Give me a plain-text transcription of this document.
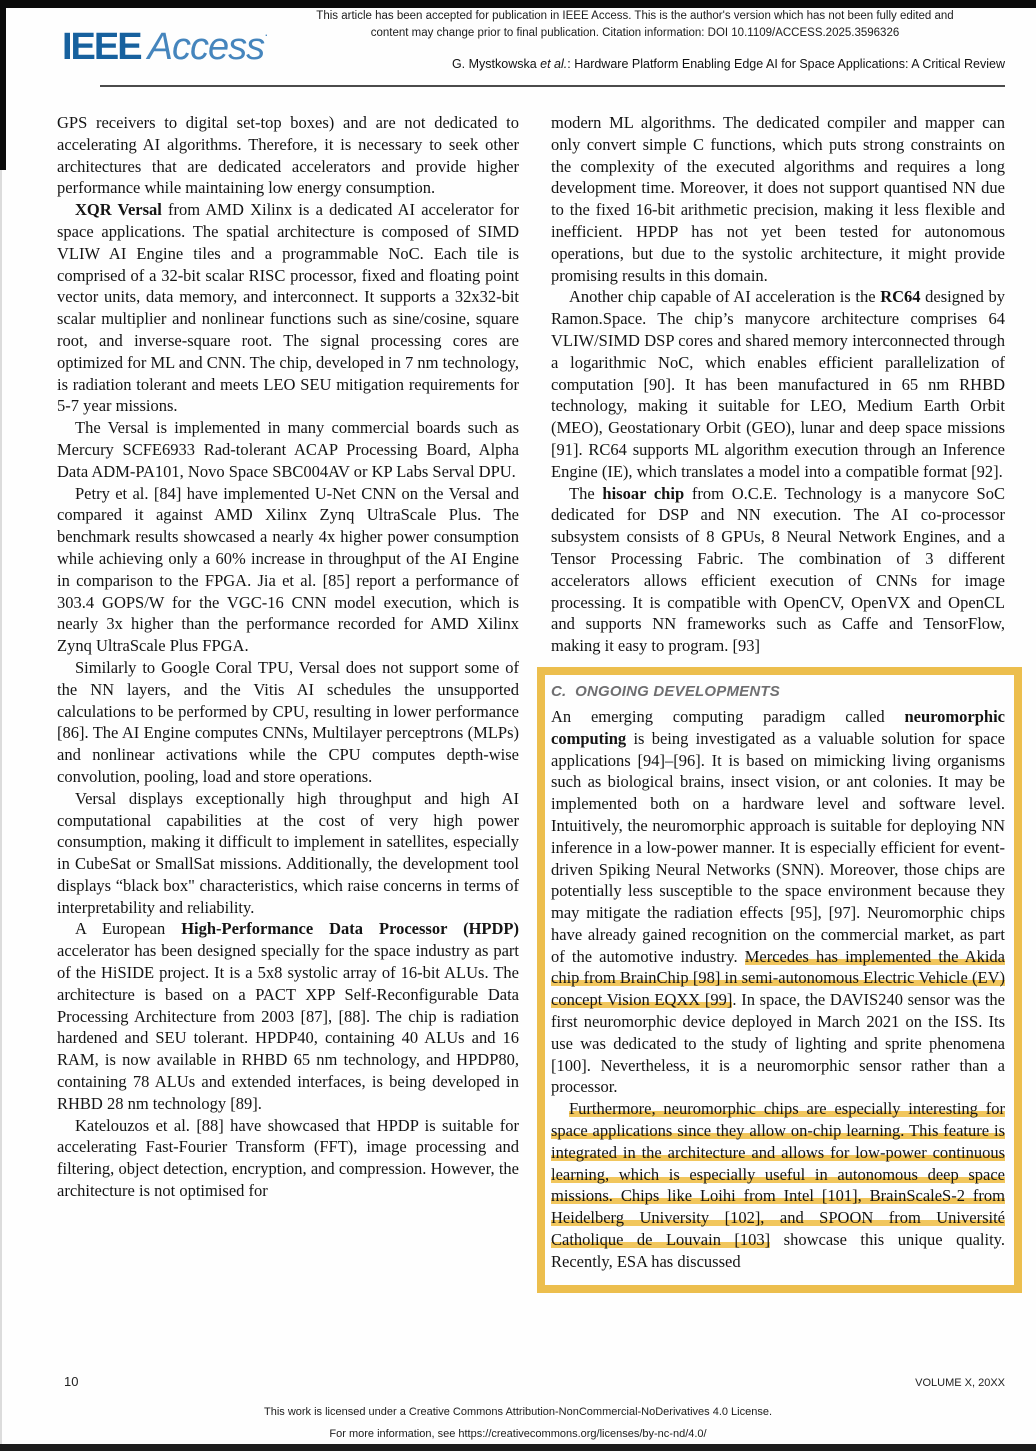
This article has been accepted for publication in IEEE Access. This is the author's version which has not been fully edited and
content may change prior to final publication. Citation information: DOI 10.1109/ACCESS.2025.3596326
IEEE Access·
G. Mystkowska et al.: Hardware Platform Enabling Edge AI for Space Applications: A Critical Review

GPS receivers to digital set-top boxes) and are not dedicated to accelerating AI algorithms. Therefore, it is necessary to seek other architectures that are dedicated accelerators and provide higher performance while maintaining low energy consumption.

XQR Versal from AMD Xilinx is a dedicated AI accelerator for space applications. The spatial architecture is composed of SIMD VLIW AI Engine tiles and a programmable NoC. Each tile is comprised of a 32-bit scalar RISC processor, fixed and floating point vector units, data memory, and interconnect. It supports a 32x32-bit scalar multiplier and nonlinear functions such as sine/cosine, square root, and inverse-square root. The signal processing cores are optimized for ML and CNN. The chip, developed in 7 nm technology, is radiation tolerant and meets LEO SEU mitigation requirements for 5-7 year missions.

The Versal is implemented in many commercial boards such as Mercury SCFE6933 Rad-tolerant ACAP Processing Board, Alpha Data ADM-PA101, Novo Space SBC004AV or KP Labs Serval DPU.

Petry et al. [84] have implemented U-Net CNN on the Versal and compared it against AMD Xilinx Zynq UltraScale Plus. The benchmark results showcased a nearly 4x higher power consumption while achieving only a 60% increase in throughput of the AI Engine in comparison to the FPGA. Jia et al. [85] report a performance of 303.4 GOPS/W for the VGC-16 CNN model execution, which is nearly 3x higher than the performance recorded for AMD Xilinx Zynq UltraScale Plus FPGA.

Similarly to Google Coral TPU, Versal does not support some of the NN layers, and the Vitis AI schedules the unsupported calculations to be performed by CPU, resulting in lower performance [86]. The AI Engine computes CNNs, Multilayer perceptrons (MLPs) and nonlinear activations while the CPU computes depth-wise convolution, pooling, load and store operations.

Versal displays exceptionally high throughput and high AI computational capabilities at the cost of very high power consumption, making it difficult to implement in satellites, especially in CubeSat or SmallSat missions. Additionally, the development tool displays “black box" characteristics, which raise concerns in terms of interpretability and reliability.

A European High-Performance Data Processor (HPDP) accelerator has been designed specially for the space industry as part of the HiSIDE project. It is a 5x8 systolic array of 16-bit ALUs. The architecture is based on a PACT XPP Self-Reconfigurable Data Processing Architecture from 2003 [87], [88]. The chip is radiation hardened and SEU tolerant. HPDP40, containing 40 ALUs and 16 RAM, is now available in RHBD 65 nm technology, and HPDP80, containing 78 ALUs and extended interfaces, is being developed in RHBD 28 nm technology [89].

Katelouzos et al. [88] have showcased that HPDP is suitable for accelerating Fast-Fourier Transform (FFT), image processing and filtering, object detection, encryption, and compression. However, the architecture is not optimised for

modern ML algorithms. The dedicated compiler and mapper can only convert simple C functions, which puts strong constraints on the complexity of the executed algorithms and requires a long development time. Moreover, it does not support quantised NN due to the fixed 16-bit arithmetic precision, making it less flexible and inefficient. HPDP has not yet been tested for autonomous operations, but due to the systolic architecture, it might provide promising results in this domain.

Another chip capable of AI acceleration is the RC64 designed by Ramon.Space. The chip’s manycore architecture comprises 64 VLIW/SIMD DSP cores and shared memory interconnected through a logarithmic NoC, which enables efficient parallelization of computation [90]. It has been manufactured in 65 nm RHBD technology, making it suitable for LEO, Medium Earth Orbit (MEO), Geostationary Orbit (GEO), lunar and deep space missions [91]. RC64 supports ML algorithm execution through an Inference Engine (IE), which translates a model into a compatible format [92].

The hisoar chip from O.C.E. Technology is a manycore SoC dedicated for DSP and NN execution. The AI co-processor subsystem consists of 8 GPUs, 8 Neural Network Engines, and a Tensor Processing Fabric. The combination of 3 different accelerators allows efficient execution of CNNs for image processing. It is compatible with OpenCV, OpenVX and OpenCL and supports NN frameworks such as Caffe and TensorFlow, making it easy to program. [93]

C.  ONGOING DEVELOPMENTS

An emerging computing paradigm called neuromorphic computing is being investigated as a valuable solution for space applications [94]–[96]. It is based on mimicking living organisms such as biological brains, insect vision, or ant colonies. It may be implemented both on a hardware level and software level. Intuitively, the neuromorphic approach is suitable for deploying NN inference in a low-power manner. It is especially efficient for event-driven Spiking Neural Networks (SNN). Moreover, those chips are potentially less susceptible to the space environment because they may mitigate the radiation effects [95], [97]. Neuromorphic chips have already gained recognition on the commercial market, as part of the automotive industry. Mercedes has implemented the Akida chip from BrainChip [98] in semi-autonomous Electric Vehicle (EV) concept Vision EQXX [99]. In space, the DAVIS240 sensor was the first neuromorphic device deployed in March 2021 on the ISS. Its use was dedicated to the study of lighting and sprite phenomena [100]. Nevertheless, it is a neuromorphic sensor rather than a processor.

Furthermore, neuromorphic chips are especially interesting for space applications since they allow on-chip learning. This feature is integrated in the architecture and allows for low-power continuous learning, which is especially useful in autonomous deep space missions. Chips like Loihi from Intel [101], BrainScaleS-2 from Heidelberg University [102], and SPOON from Université Catholique de Louvain [103] showcase this unique quality. Recently, ESA has discussed

10	VOLUME X, 20XX
This work is licensed under a Creative Commons Attribution-NonCommercial-NoDerivatives 4.0 License.
For more information, see https://creativecommons.org/licenses/by-nc-nd/4.0/
